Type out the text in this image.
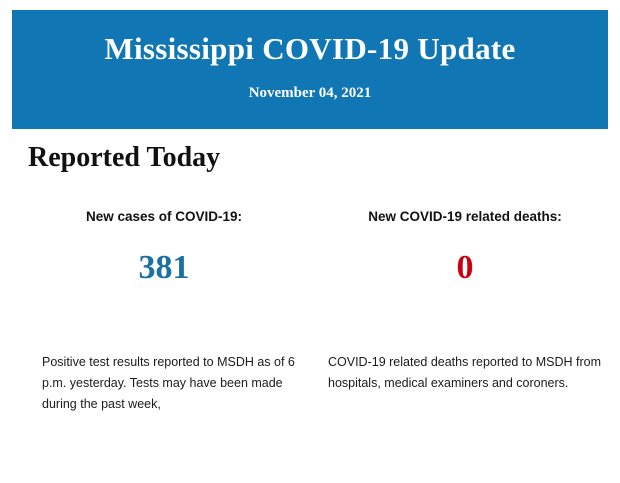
Mississippi COVID-19 Update

November 04, 2021

Reported Today

New cases of COVID-19:

381

Positive test results reported to MSDH as of 6 p.m. yesterday. Tests may have been made during the past week,

New COVID-19 related deaths:

0

COVID-19 related deaths reported to MSDH from hospitals, medical examiners and coroners.
